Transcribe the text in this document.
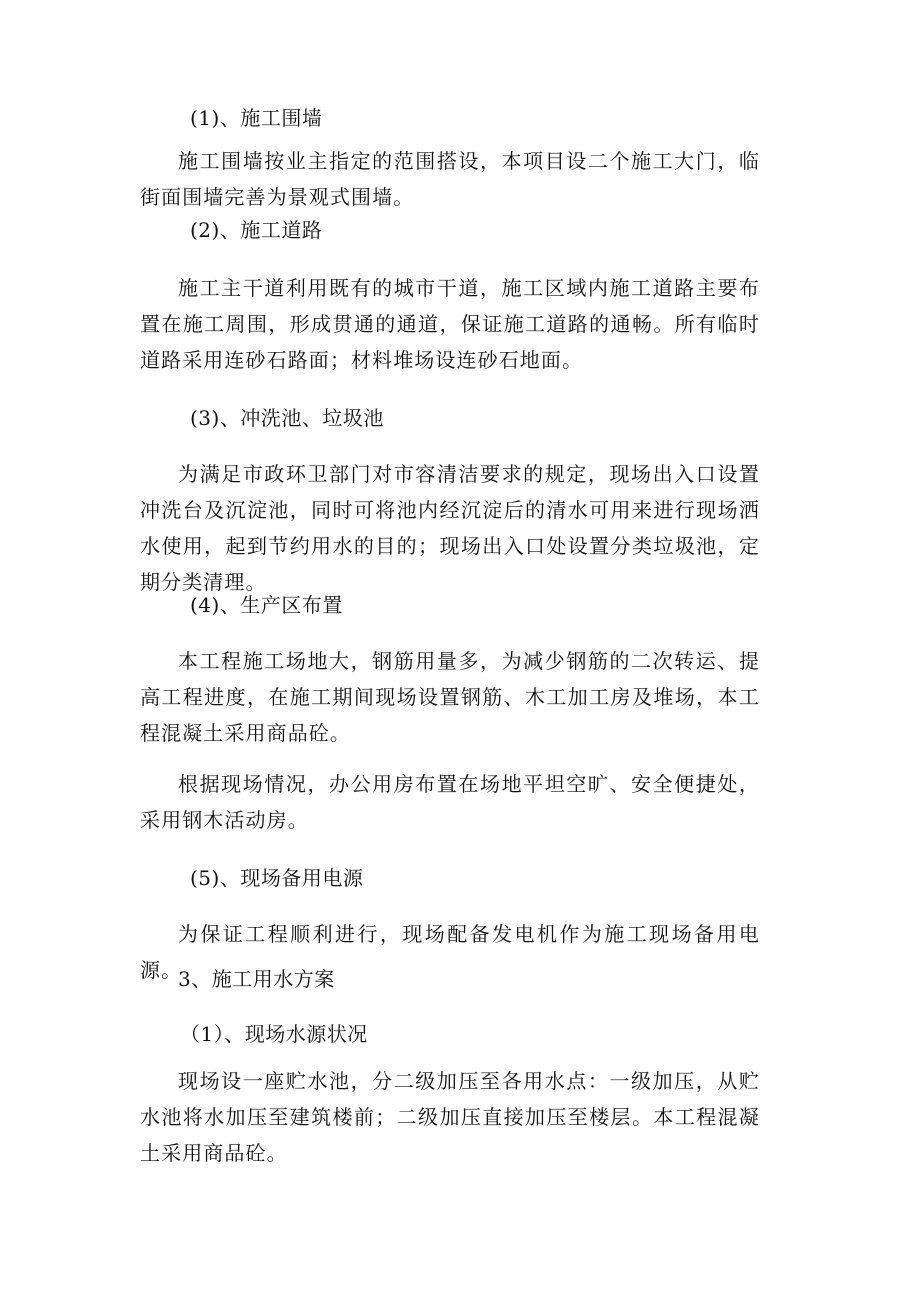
(1)、施工围墙

施工围墙按业主指定的范围搭设，本项目设二个施工大门，临街面围墙完善为景观式围墙。

(2)、施工道路

施工主干道利用既有的城市干道，施工区域内施工道路主要布置在施工周围，形成贯通的通道，保证施工道路的通畅。所有临时道路采用连砂石路面；材料堆场设连砂石地面。

(3)、冲洗池、垃圾池

为满足市政环卫部门对市容清洁要求的规定，现场出入口设置冲洗台及沉淀池，同时可将池内经沉淀后的清水可用来进行现场洒水使用，起到节约用水的目的；现场出入口处设置分类垃圾池，定期分类清理。

(4)、生产区布置

本工程施工场地大，钢筋用量多，为减少钢筋的二次转运、提高工程进度，在施工期间现场设置钢筋、木工加工房及堆场，本工程混凝土采用商品砼。

根据现场情况，办公用房布置在场地平坦空旷、安全便捷处，采用钢木活动房。

(5)、现场备用电源

为保证工程顺利进行，现场配备发电机作为施工现场备用电源。

3、施工用水方案

（1）、现场水源状况

现场设一座贮水池，分二级加压至各用水点：一级加压，从贮水池将水加压至建筑楼前；二级加压直接加压至楼层。本工程混凝土采用商品砼。
